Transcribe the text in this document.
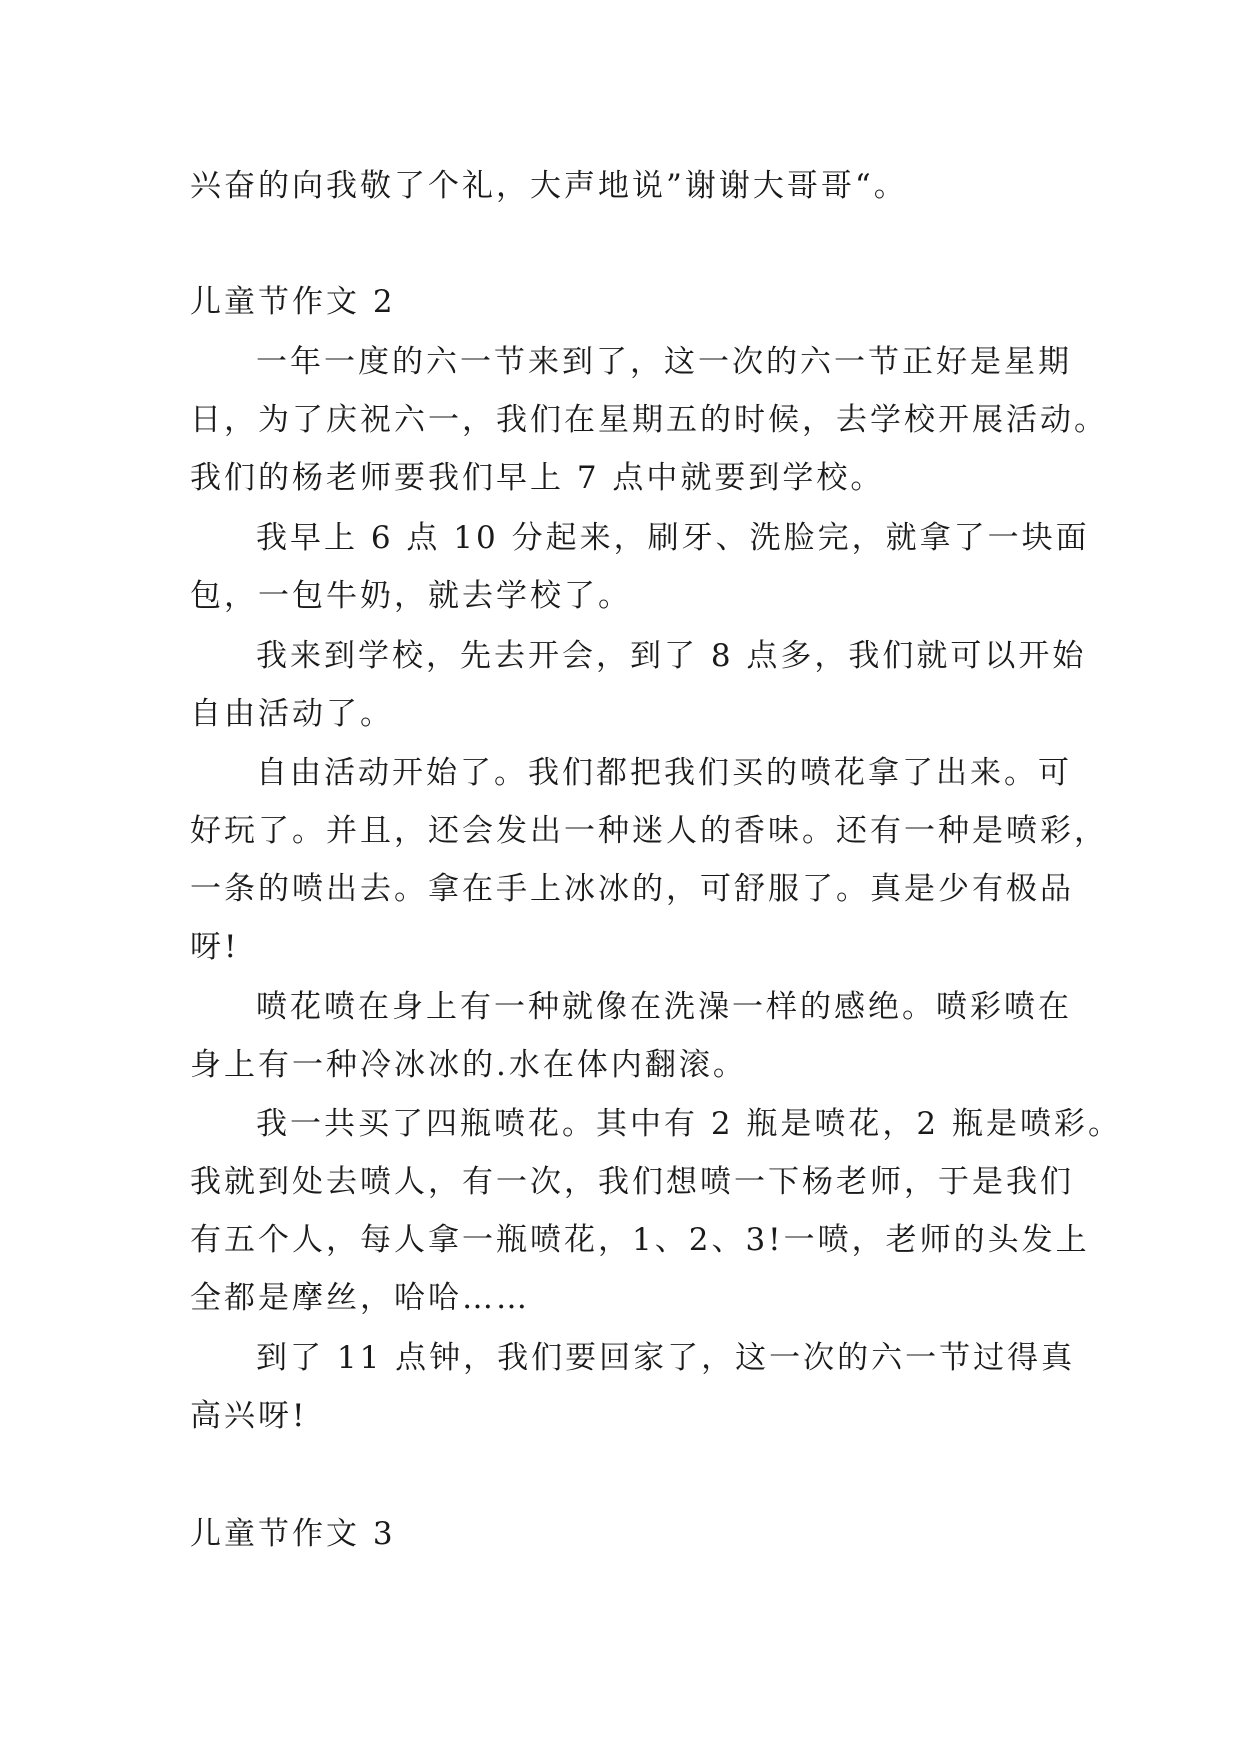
兴奋的向我敬了个礼，大声地说”谢谢大哥哥“。
儿童节作文 2
一年一度的六一节来到了，这一次的六一节正好是星期
日，为了庆祝六一，我们在星期五的时候，去学校开展活动。
我们的杨老师要我们早上 7 点中就要到学校。
我早上 6 点 10 分起来，刷牙、洗脸完，就拿了一块面
包，一包牛奶，就去学校了。
我来到学校，先去开会，到了 8 点多，我们就可以开始
自由活动了。
自由活动开始了。我们都把我们买的喷花拿了出来。可
好玩了。并且，还会发出一种迷人的香味。还有一种是喷彩，
一条的喷出去。拿在手上冰冰的，可舒服了。真是少有极品
呀!
喷花喷在身上有一种就像在洗澡一样的感绝。喷彩喷在
身上有一种冷冰冰的.水在体内翻滚。
我一共买了四瓶喷花。其中有 2 瓶是喷花，2 瓶是喷彩。
我就到处去喷人，有一次，我们想喷一下杨老师，于是我们
有五个人，每人拿一瓶喷花，1、2、3!一喷，老师的头发上
全都是摩丝，哈哈……
到了 11 点钟，我们要回家了，这一次的六一节过得真
高兴呀!
儿童节作文 3
